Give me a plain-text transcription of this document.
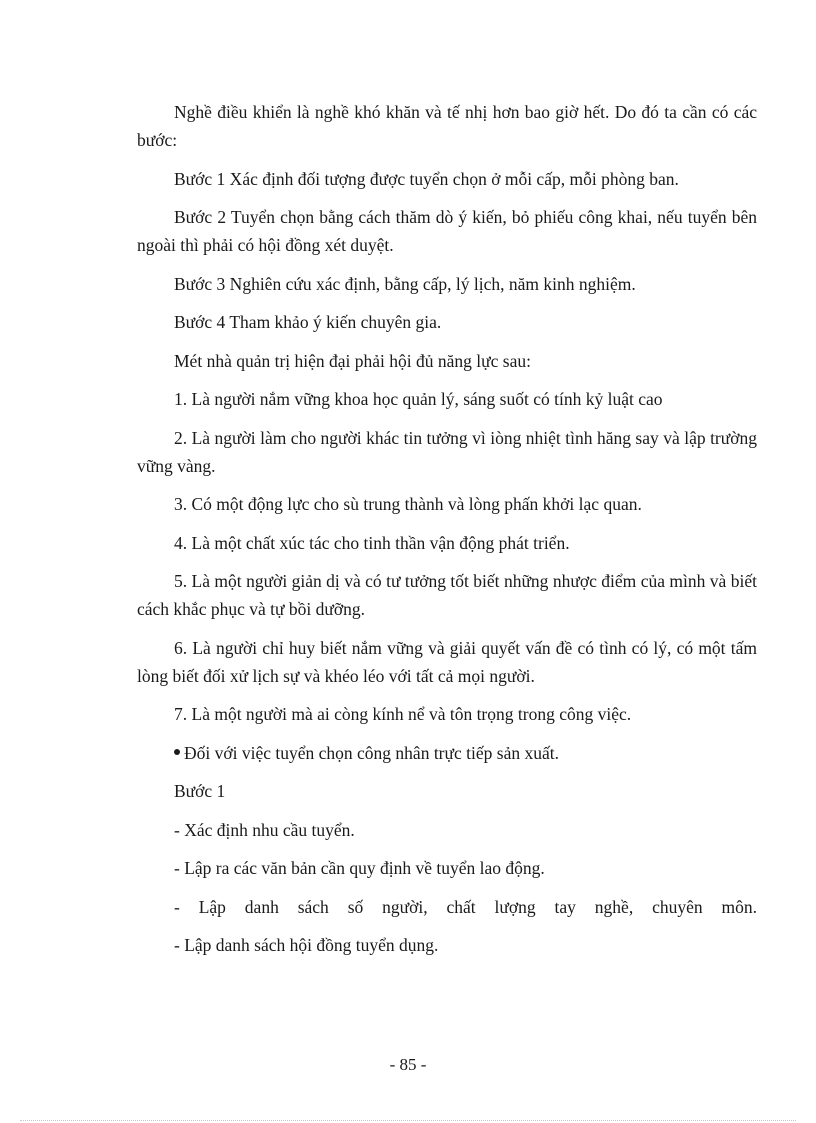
Nghề điều khiển là nghề khó khăn và tế nhị hơn bao giờ hết. Do đó ta cần có các bước:

Bước 1 Xác định đối tượng được tuyển chọn ở mỗi cấp, mỗi phòng ban.

Bước 2 Tuyển chọn bằng cách thăm dò ý kiến, bỏ phiếu công khai, nếu tuyển bên ngoài thì phải có hội đồng xét duyệt.

Bước 3 Nghiên cứu xác định, bằng cấp, lý lịch, năm kinh nghiệm.

Bước 4 Tham khảo ý kiến chuyên gia.

Mét nhà quản trị hiện đại phải hội đủ năng lực sau:

1. Là người nắm vững khoa học quản lý, sáng suốt có tính kỷ luật cao

2. Là người làm cho người khác tin tưởng vì iòng nhiệt tình hăng say và lập trường vững vàng.

3. Có một động lực cho sù trung thành và lòng phấn khởi lạc quan.

4. Là một chất xúc tác cho tinh thần vận động phát triển.

5. Là một người giản dị và có tư tưởng tốt biết những nhược điểm của mình và biết cách khắc phục và tự bồi dưỡng.

6. Là người chỉ huy biết nắm vững và giải quyết vấn đề có tình có lý, có một tấm lòng biết đối xử lịch sự và khéo léo với tất cả mọi người.

7. Là một người mà ai còng kính nể và tôn trọng trong công việc.

Đối với việc tuyển chọn công nhân trực tiếp sản xuất.

Bước 1

- Xác định nhu cầu tuyển.

- Lập ra các văn bản cần quy định về tuyển lao động.

- Lập danh sách số người, chất lượng tay nghề, chuyên môn.

- Lập danh sách hội đồng tuyển dụng.

- 85 -
